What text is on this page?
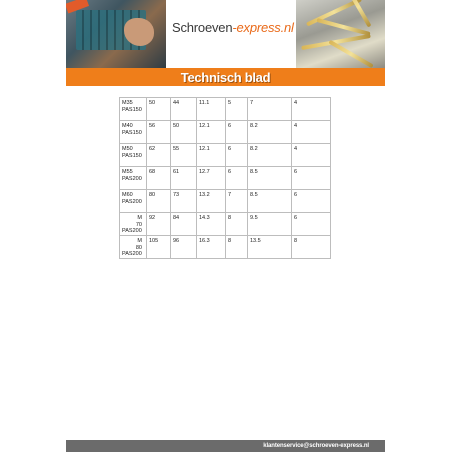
Schroeven-express.nl
Technisch blad
M35
PAS150	50	44	11.1	5	7	4

M40
PAS150	56	50	12.1	6	8.2	4

M50
PAS150	62	55	12.1	6	8.2	4

M55
PAS200	68	61	12.7	6	8.5	6

M60
PAS200	80	73	13.2	7	8.5	6

M
70
PAS200	92	84	14.3	8	9.5	6

M
80
PAS200	105	96	16.3	8	13.5	8
klantenservice@schroeven-express.nl
